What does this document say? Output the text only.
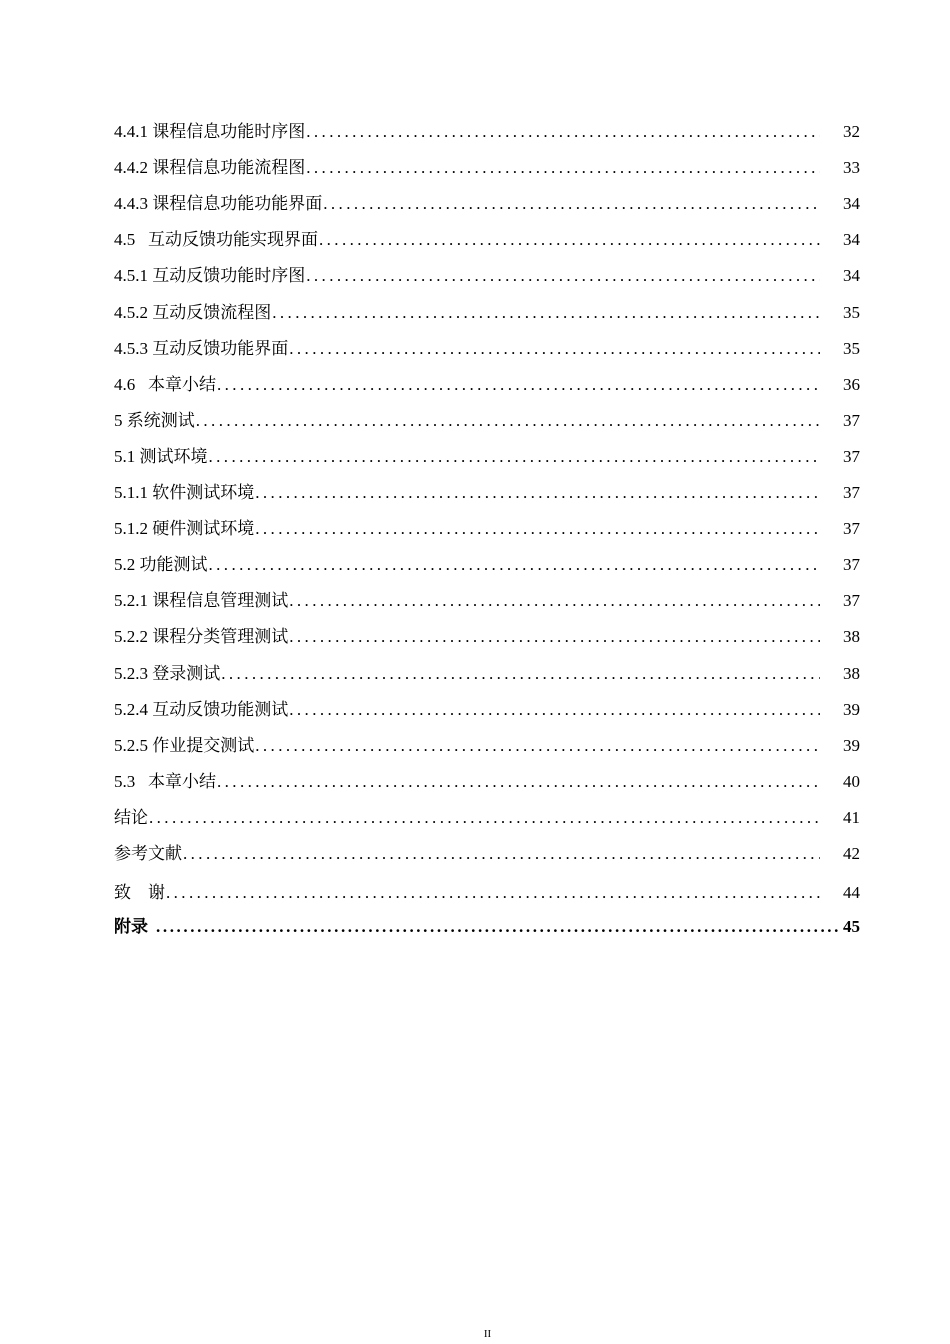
4.4.1 课程信息功能时序图 .....	32
4.4.2 课程信息功能流程图 .....	33
4.4.3 课程信息功能功能界面 .....	34
4.5   互动反馈功能实现界面 .....	34
4.5.1 互动反馈功能时序图 .....	34
4.5.2 互动反馈流程图 .....	35
4.5.3 互动反馈功能界面 .....	35
4.6   本章小结 .....	36
5 系统测试 .....	37
5.1 测试环境 .....	37
5.1.1 软件测试环境 .....	37
5.1.2 硬件测试环境 .....	37
5.2 功能测试 .....	37
5.2.1 课程信息管理测试 .....	37
5.2.2 课程分类管理测试 .....	38
5.2.3 登录测试 .....	38
5.2.4 互动反馈功能测试 .....	39
5.2.5 作业提交测试 .....	39
5.3   本章小结 .....	40
结论 .....	41
参考文献 .....	42
致    谢 .....	44
附录 .....	45
II
